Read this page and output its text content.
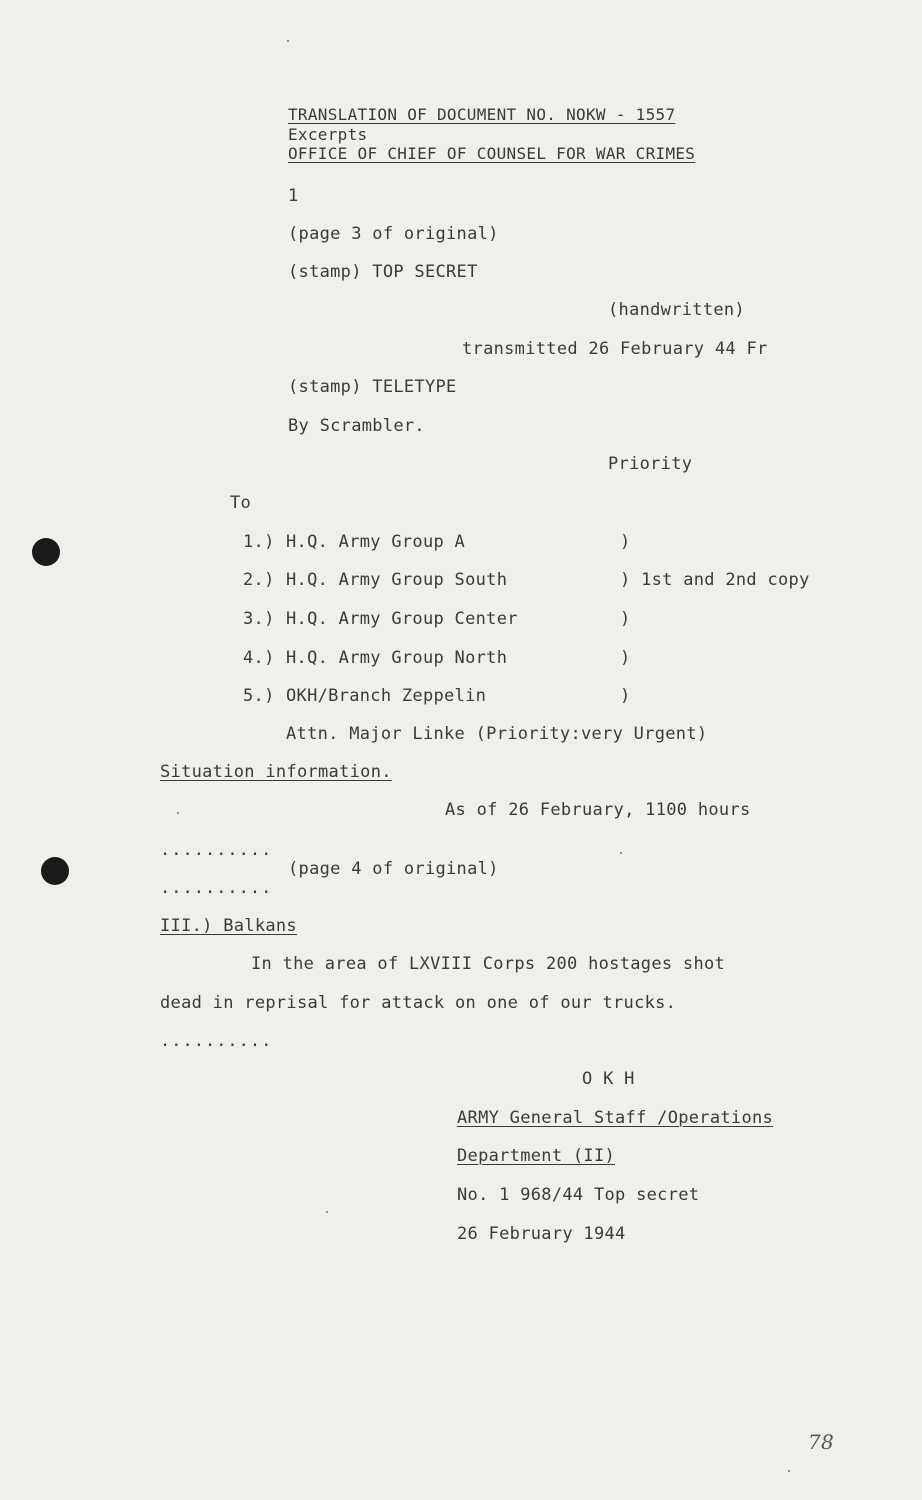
TRANSLATION OF DOCUMENT NO. NOKW - 1557
Excerpts
OFFICE OF CHIEF OF COUNSEL FOR WAR CRIMES
1
(page 3 of original)
(stamp) TOP SECRET
(handwritten)
transmitted 26 February 44 Fr
(stamp) TELETYPE
By Scrambler.
Priority
To
1.) H.Q. Army Group A	)
2.) H.Q. Army Group South	) 1st and 2nd copy
3.) H.Q. Army Group Center	)
4.) H.Q. Army Group North	)
5.) OKH/Branch Zeppelin	)
Attn. Major Linke (Priority:very Urgent)
Situation information.
As of 26 February, 1100 hours
..........
(page 4 of original)
..........
III.) Balkans
In the area of LXVIII Corps 200 hostages shot
dead in reprisal for attack on one of our trucks.
..........
O K H
ARMY General Staff /Operations
Department (II)
No. 1 968/44 Top secret
26 February 1944
78
